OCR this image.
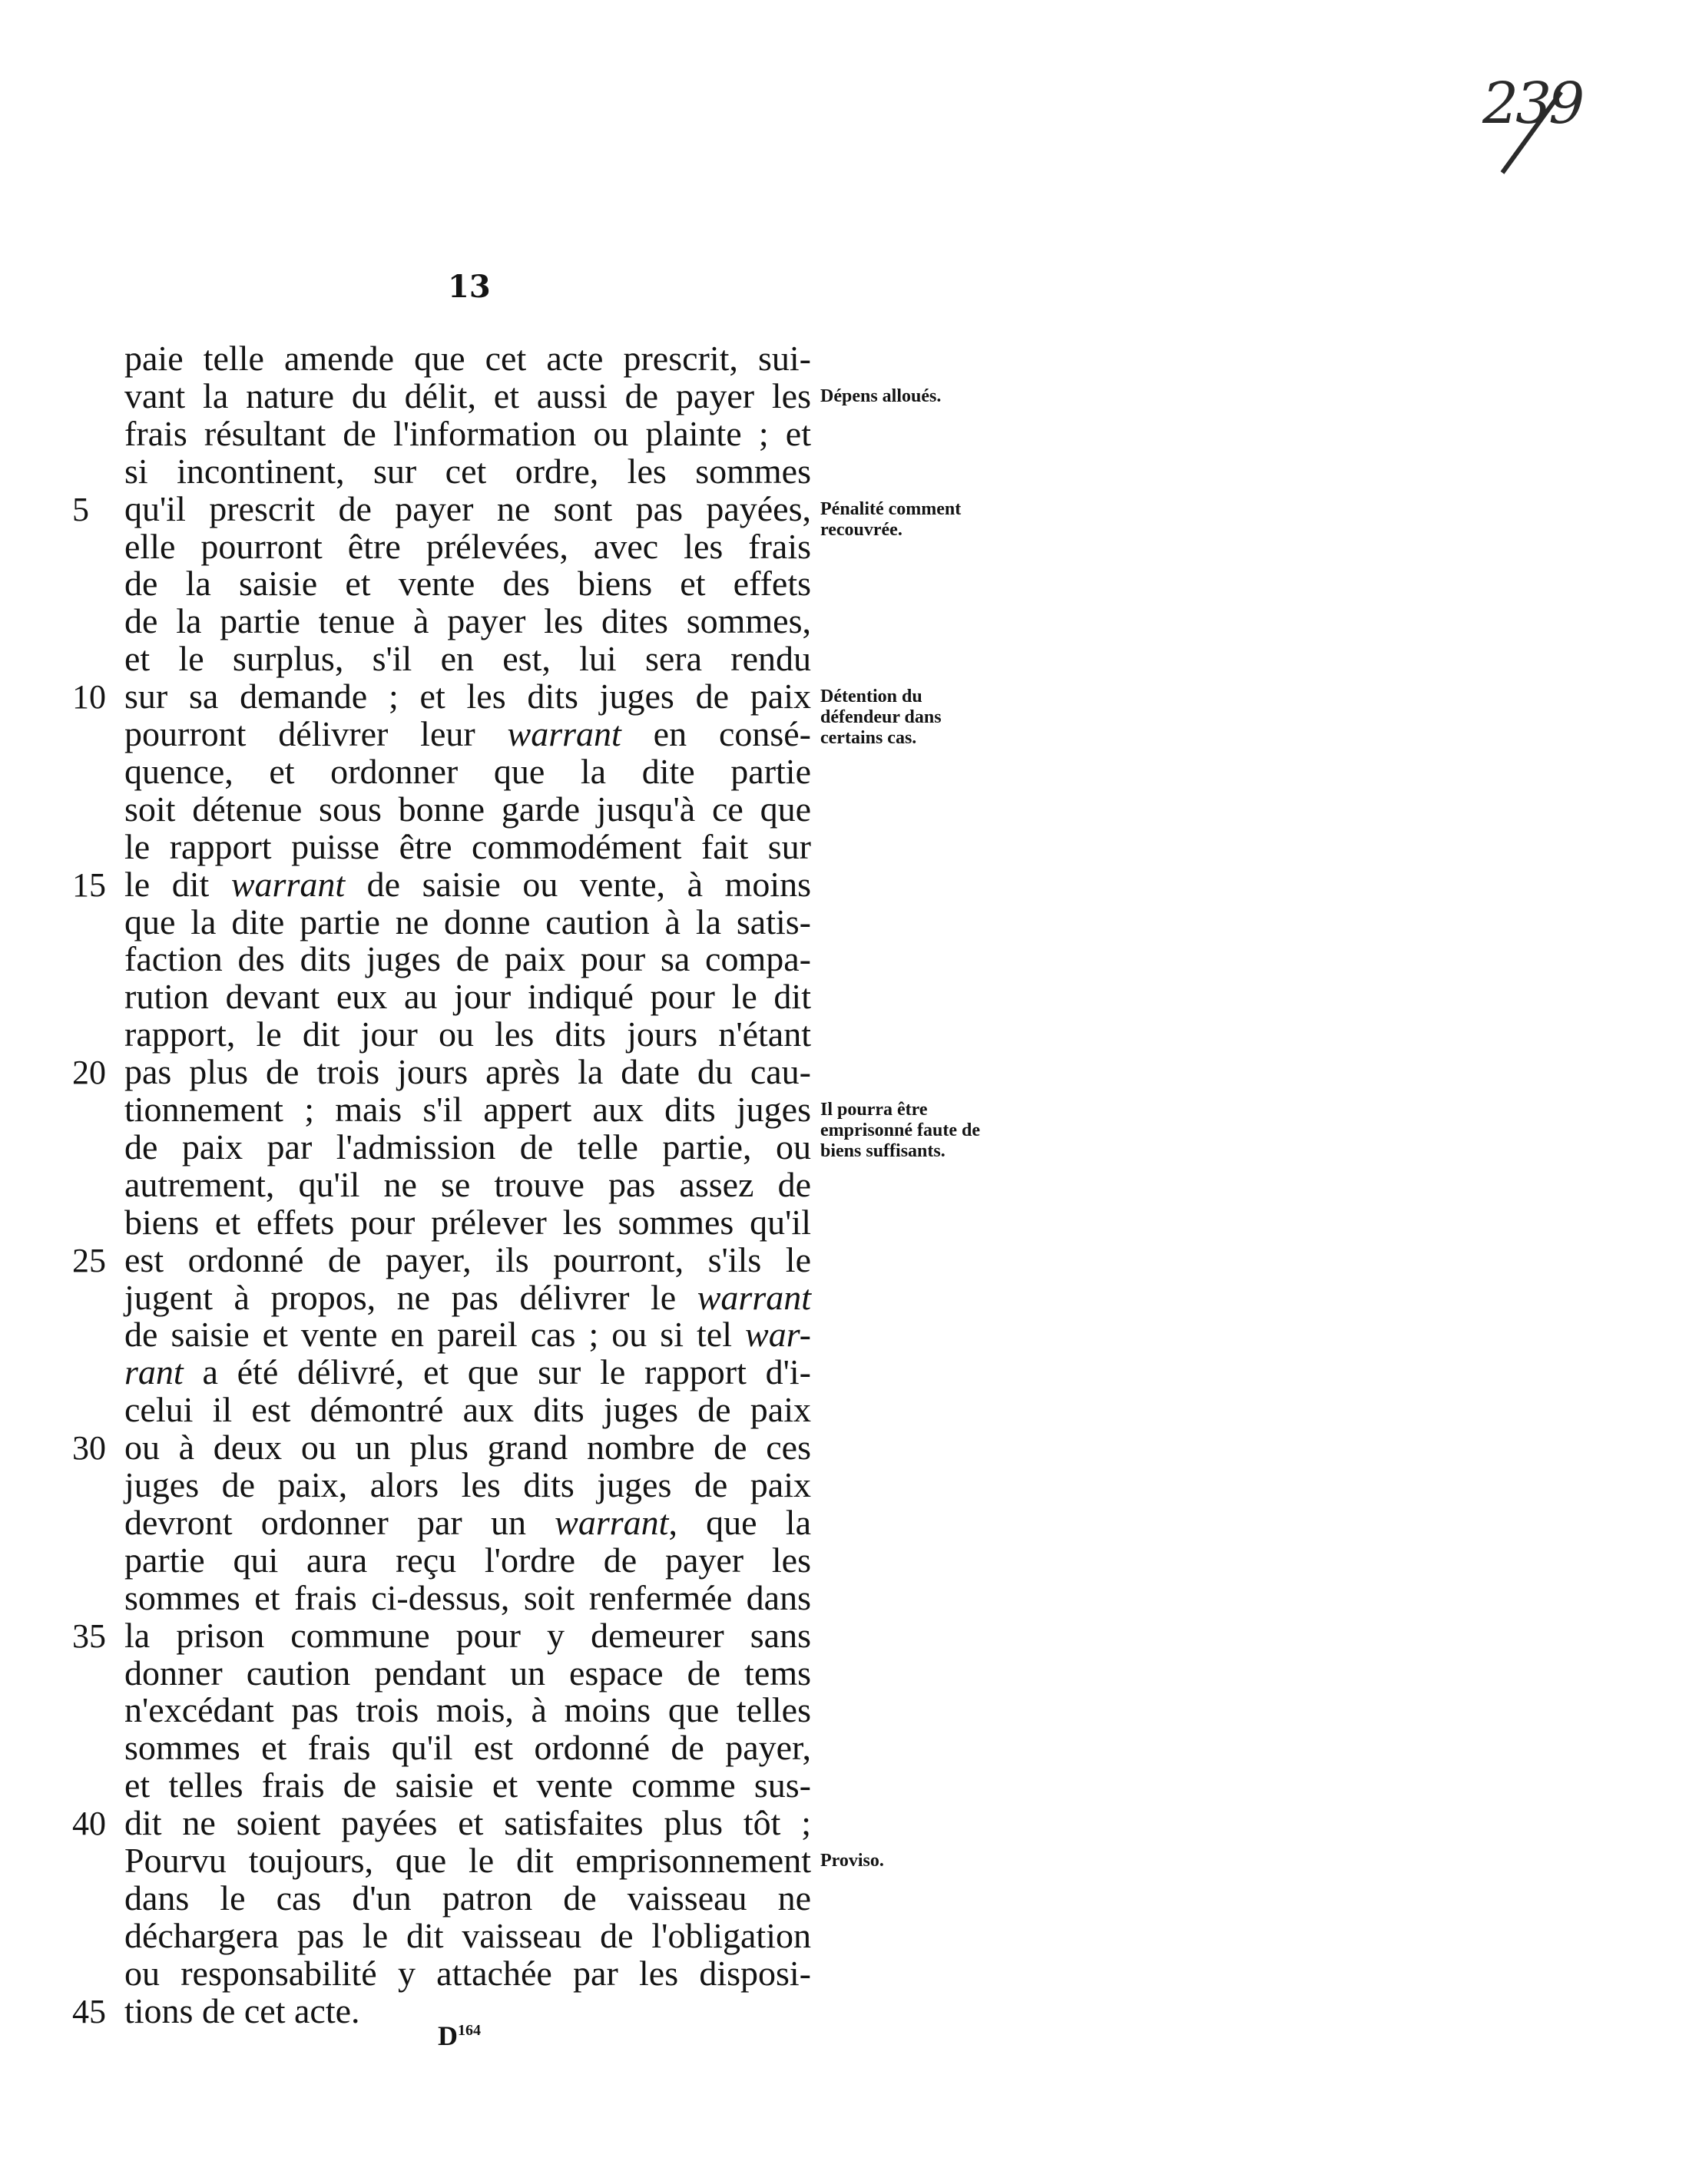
239
13
paie telle amende que cet acte prescrit, sui-
vant la nature du délit, et aussi de payer les
frais résultant de l'information ou plainte ; et
si incontinent, sur cet ordre, les sommes
qu'il prescrit de payer ne sont pas payées,
elle pourront être prélevées, avec les frais
de la saisie et vente des biens et effets
de la partie tenue à payer les dites sommes,
et le surplus, s'il en est, lui sera rendu
sur sa demande ; et les dits juges de paix
pourront délivrer leur warrant en consé-
quence, et ordonner que la dite partie
soit détenue sous bonne garde jusqu'à ce que
le rapport puisse être commodément fait sur
le dit warrant de saisie ou vente, à moins
que la dite partie ne donne caution à la satis-
faction des dits juges de paix pour sa compa-
rution devant eux au jour indiqué pour le dit
rapport, le dit jour ou les dits jours n'étant
pas plus de trois jours après la date du cau-
tionnement ; mais s'il appert aux dits juges
de paix par l'admission de telle partie, ou
autrement, qu'il ne se trouve pas assez de
biens et effets pour prélever les sommes qu'il
est ordonné de payer, ils pourront, s'ils le
jugent à propos, ne pas délivrer le warrant
de saisie et vente en pareil cas ; ou si tel war-
rant a été délivré, et que sur le rapport d'i-
celui il est démontré aux dits juges de paix
ou à deux ou un plus grand nombre de ces
juges de paix, alors les dits juges de paix
devront ordonner par un warrant, que la
partie qui aura reçu l'ordre de payer les
sommes et frais ci-dessus, soit renfermée dans
la prison commune pour y demeurer sans
donner caution pendant un espace de tems
n'excédant pas trois mois, à moins que telles
sommes et frais qu'il est ordonné de payer,
et telles frais de saisie et vente comme sus-
dit ne soient payées et satisfaites plus tôt ;
Pourvu toujours, que le dit emprisonnement
dans le cas d'un patron de vaisseau ne
déchargera pas le dit vaisseau de l'obligation
ou responsabilité y attachée par les disposi-
tions de cet acte.
5
10
15
20
25
30
35
40
45
Dépens alloués.
Pénalité comment recouvrée.
Détention du défendeur dans certains cas.
Il pourra être emprisonné faute de biens suffisants.
Proviso.
$D^{164}$
